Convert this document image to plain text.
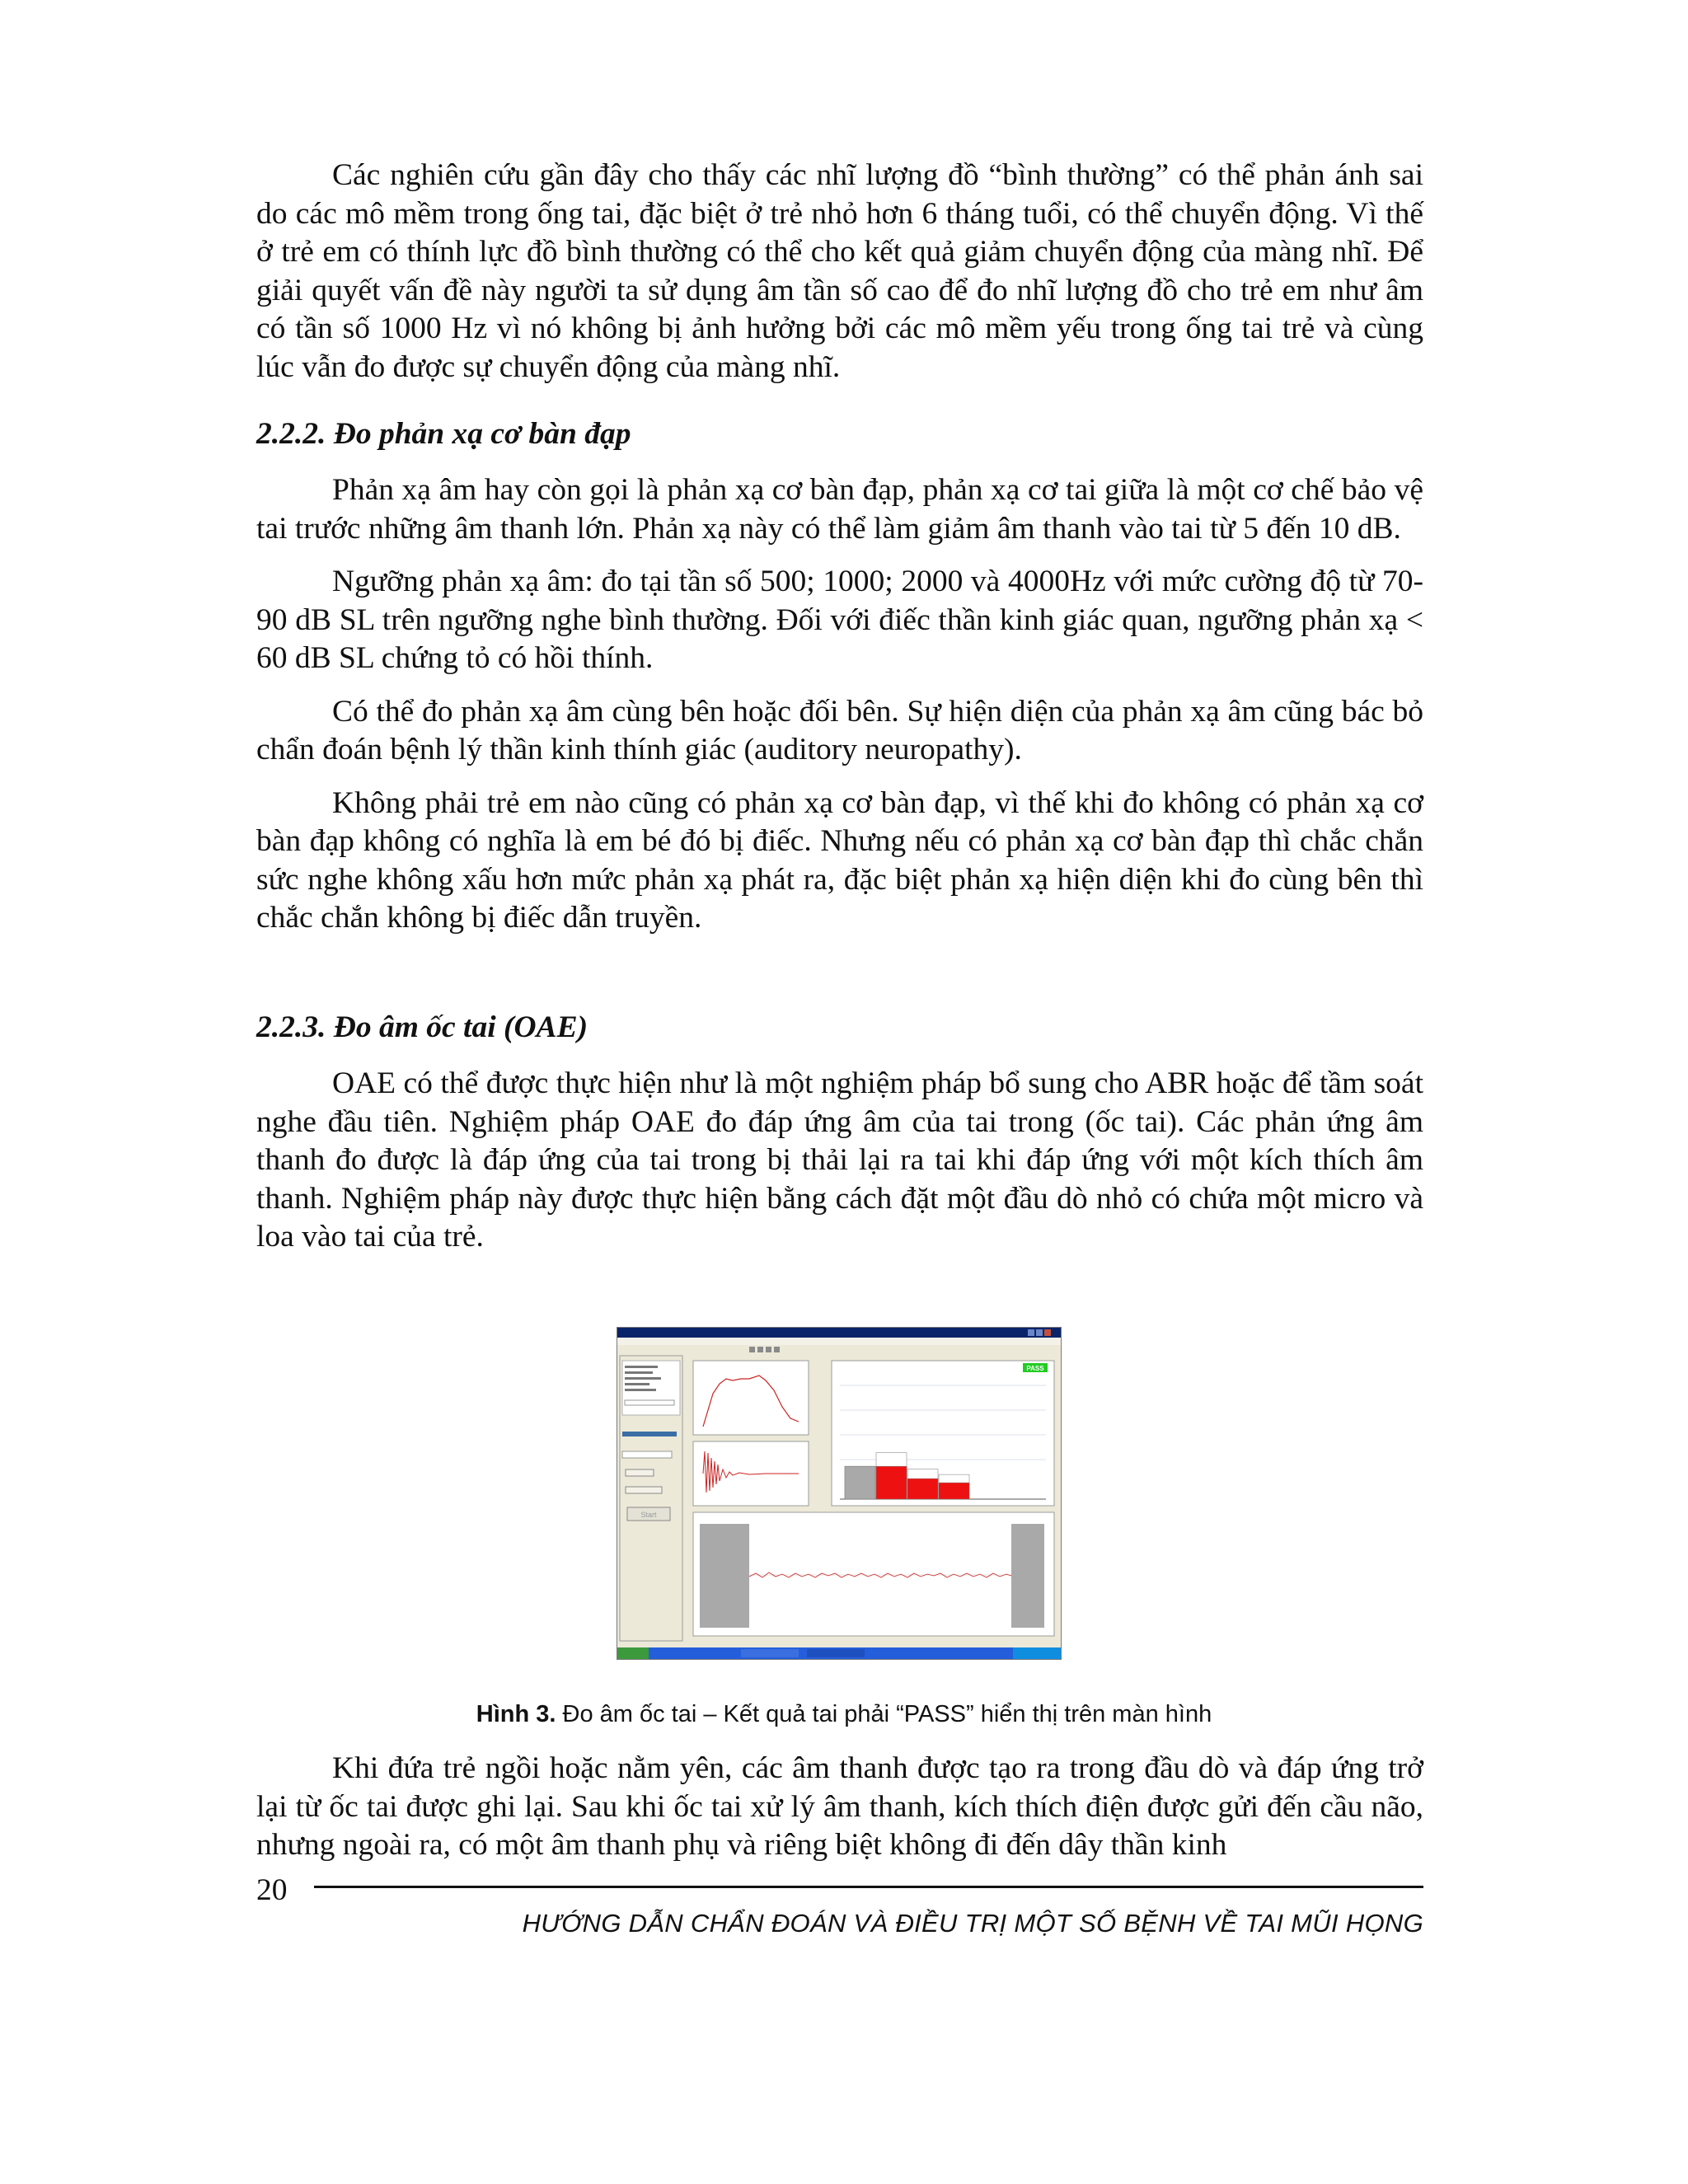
Các nghiên cứu gần đây cho thấy các nhĩ lượng đồ “bình thường” có thể phản ánh sai do các mô mềm trong ống tai, đặc biệt ở trẻ nhỏ hơn 6 tháng tuổi, có thể chuyển động. Vì thế ở trẻ em có thính lực đồ bình thường có thể cho kết quả giảm chuyển động của màng nhĩ. Để giải quyết vấn đề này người ta sử dụng âm tần số cao để đo nhĩ lượng đồ cho trẻ em như âm có tần số 1000 Hz vì nó không bị ảnh hưởng bởi các mô mềm yếu trong ống tai trẻ và cùng lúc vẫn đo được sự chuyển động của màng nhĩ.

2.2.2. Đo phản xạ cơ bàn đạp

Phản xạ âm hay còn gọi là phản xạ cơ bàn đạp, phản xạ cơ tai giữa là một cơ chế bảo vệ tai trước những âm thanh lớn. Phản xạ này có thể làm giảm âm thanh vào tai từ 5 đến 10 dB.

Ngưỡng phản xạ âm: đo tại tần số 500; 1000; 2000 và 4000Hz với mức cường độ từ 70-90 dB SL trên ngưỡng nghe bình thường. Đối với điếc thần kinh giác quan, ngưỡng phản xạ < 60 dB SL chứng tỏ có hồi thính.

Có thể đo phản xạ âm cùng bên hoặc đối bên. Sự hiện diện của phản xạ âm cũng bác bỏ chẩn đoán bệnh lý thần kinh thính giác (auditory neuropathy).

Không phải trẻ em nào cũng có phản xạ cơ bàn đạp, vì thế khi đo không có phản xạ cơ bàn đạp không có nghĩa là em bé đó bị điếc. Nhưng nếu có phản xạ cơ bàn đạp thì chắc chắn sức nghe không xấu hơn mức phản xạ phát ra, đặc biệt phản xạ hiện diện khi đo cùng bên thì chắc chắn không bị điếc dẫn truyền.

2.2.3. Đo âm ốc tai (OAE)

OAE có thể được thực hiện như là một nghiệm pháp bổ sung cho ABR hoặc để tầm soát nghe đầu tiên. Nghiệm pháp OAE đo đáp ứng âm của tai trong (ốc tai). Các phản ứng âm thanh đo được là đáp ứng của tai trong bị thải lại ra tai khi đáp ứng với một kích thích âm thanh. Nghiệm pháp này được thực hiện bằng cách đặt một đầu dò nhỏ có chứa một micro và loa vào tai của trẻ.

Start
PASS
Hình 3. Đo âm ốc tai – Kết quả tai phải “PASS” hiển thị trên màn hình

Khi đứa trẻ ngồi hoặc nằm yên, các âm thanh được tạo ra trong đầu dò và đáp ứng trở lại từ ốc tai được ghi lại. Sau khi ốc tai xử lý âm thanh, kích thích điện được gửi đến cầu não, nhưng ngoài ra, có một âm thanh phụ và riêng biệt không đi đến dây thần kinh

20
HƯỚNG DẪN CHẨN ĐOÁN VÀ ĐIỀU TRỊ MỘT SỐ BỆNH VỀ TAI MŨI HỌNG
